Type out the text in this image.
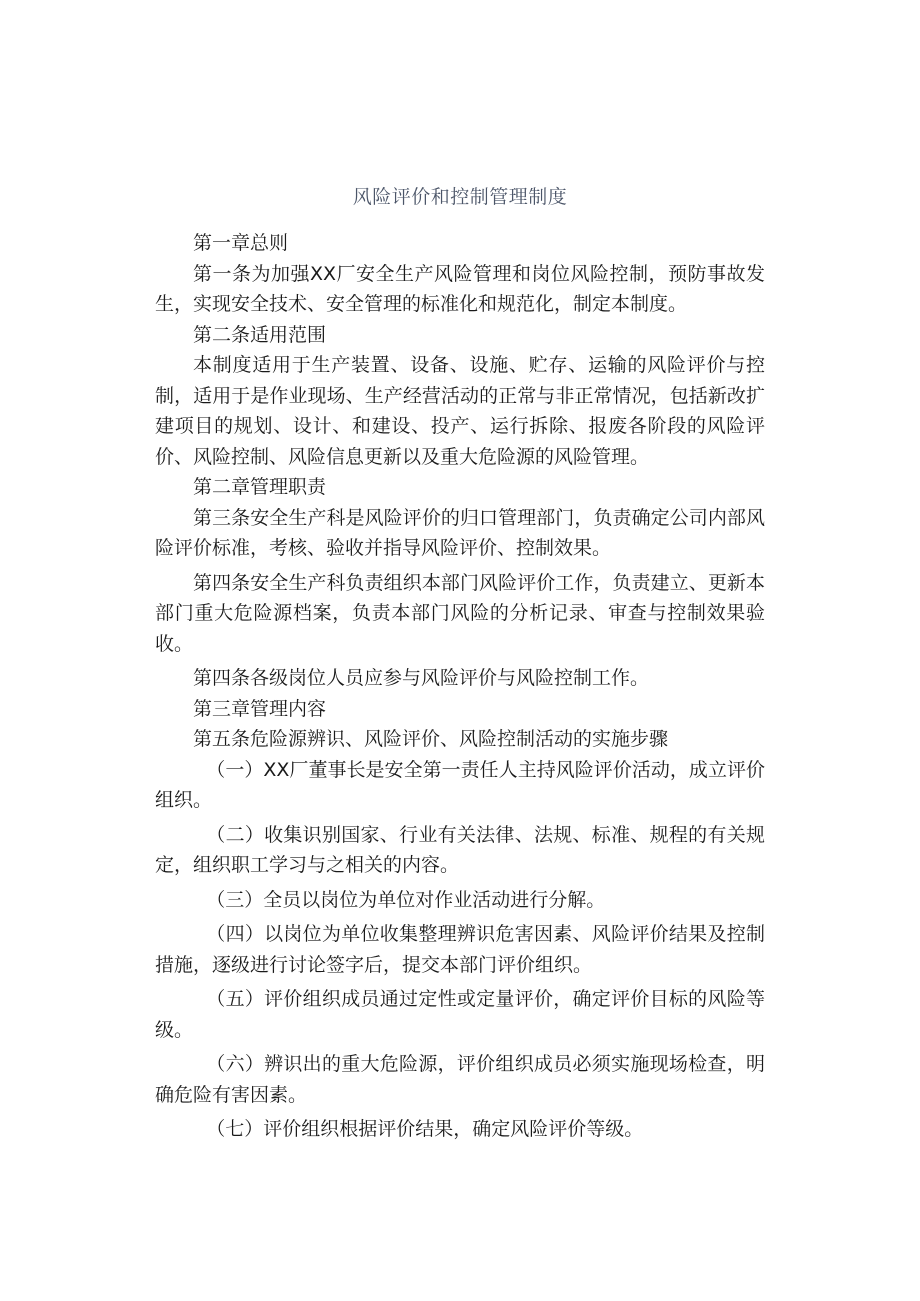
风险评价和控制管理制度

第一章总则

第一条为加强XX厂安全生产风险管理和岗位风险控制，预防事故发生，实现安全技术、安全管理的标准化和规范化，制定本制度。

第二条适用范围

本制度适用于生产装置、设备、设施、贮存、运输的风险评价与控制，适用于是作业现场、生产经营活动的正常与非正常情况，包括新改扩建项目的规划、设计、和建设、投产、运行拆除、报废各阶段的风险评价、风险控制、风险信息更新以及重大危险源的风险管理。

第二章管理职责

第三条安全生产科是风险评价的归口管理部门，负责确定公司内部风险评价标准，考核、验收并指导风险评价、控制效果。

第四条安全生产科负责组织本部门风险评价工作，负责建立、更新本部门重大危险源档案，负责本部门风险的分析记录、审查与控制效果验收。

第四条各级岗位人员应参与风险评价与风险控制工作。

第三章管理内容

第五条危险源辨识、风险评价、风险控制活动的实施步骤

（一）XX厂董事长是安全第一责任人主持风险评价活动，成立评价组织。

（二）收集识别国家、行业有关法律、法规、标准、规程的有关规定，组织职工学习与之相关的内容。

（三）全员以岗位为单位对作业活动进行分解。

（四）以岗位为单位收集整理辨识危害因素、风险评价结果及控制措施，逐级进行讨论签字后，提交本部门评价组织。

（五）评价组织成员通过定性或定量评价，确定评价目标的风险等级。

（六）辨识出的重大危险源，评价组织成员必须实施现场检查，明确危险有害因素。

（七）评价组织根据评价结果，确定风险评价等级。
